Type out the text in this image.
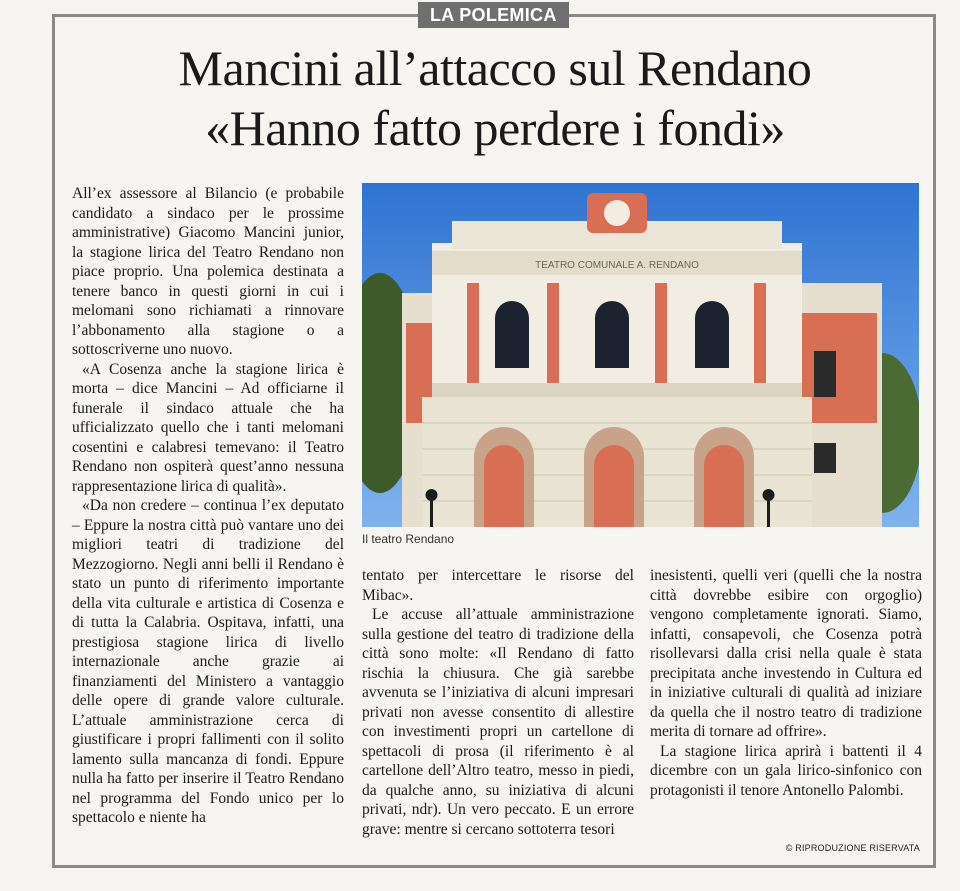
LA POLEMICA
Mancini all’attacco sul Rendano
«Hanno fatto perdere i fondi»

All’ex assessore al Bilancio (e probabile candidato a sindaco per le prossime amministrative) Giacomo Mancini junior, la stagione lirica del Teatro Rendano non piace proprio. Una polemica destinata a tenere banco in questi giorni in cui i melomani sono richiamati a rinnovare l’abbonamento alla stagione o a sottoscriverne uno nuovo.

«A Cosenza anche la stagione lirica è morta – dice Mancini – Ad officiarne il funerale il sindaco attuale che ha ufficializzato quello che i tanti melomani cosentini e calabresi temevano: il Teatro Rendano non ospiterà quest’anno nessuna rappresentazione lirica di qualità».

«Da non credere – continua l’ex deputato – Eppure la nostra città può vantare uno dei migliori teatri di tradizione del Mezzogiorno. Negli anni belli il Rendano è stato un punto di riferimento importante della vita culturale e artistica di Cosenza e di tutta la Calabria. Ospitava, infatti, una prestigiosa stagione lirica di livello internazionale anche grazie ai finanziamenti del Ministero a vantaggio delle opere di grande valore culturale. L’attuale amministrazione cerca di giustificare i propri fallimenti con il solito lamento sulla mancanza di fondi. Eppure nulla ha fatto per inserire il Teatro Rendano nel programma del Fondo unico per lo spettacolo e niente ha

TEATRO COMUNALE A. RENDANO
Il teatro Rendano

tentato per intercettare le risorse del Mibac».

Le accuse all’attuale amministrazione sulla gestione del teatro di tradizione della città sono molte: «Il Rendano di fatto rischia la chiusura. Che già sarebbe avvenuta se l’iniziativa di alcuni impresari privati non avesse consentito di allestire con investimenti propri un cartellone di spettacoli di prosa (il riferimento è al cartellone dell’Altro teatro, messo in piedi, da qualche anno, su iniziativa di alcuni privati, ndr). Un vero peccato. E un errore grave: mentre si cercano sottoterra tesori

inesistenti, quelli veri (quelli che la nostra città dovrebbe esibire con orgoglio) vengono completamente ignorati. Siamo, infatti, consapevoli, che Cosenza potrà risollevarsi dalla crisi nella quale è stata precipitata anche investendo in Cultura ed in iniziative culturali di qualità ad iniziare da quella che il nostro teatro di tradizione merita di tornare ad offrire».

La stagione lirica aprirà i battenti il 4 dicembre con un gala lirico-sinfonico con protagonisti il tenore Antonello Palombi.

© RIPRODUZIONE RISERVATA
